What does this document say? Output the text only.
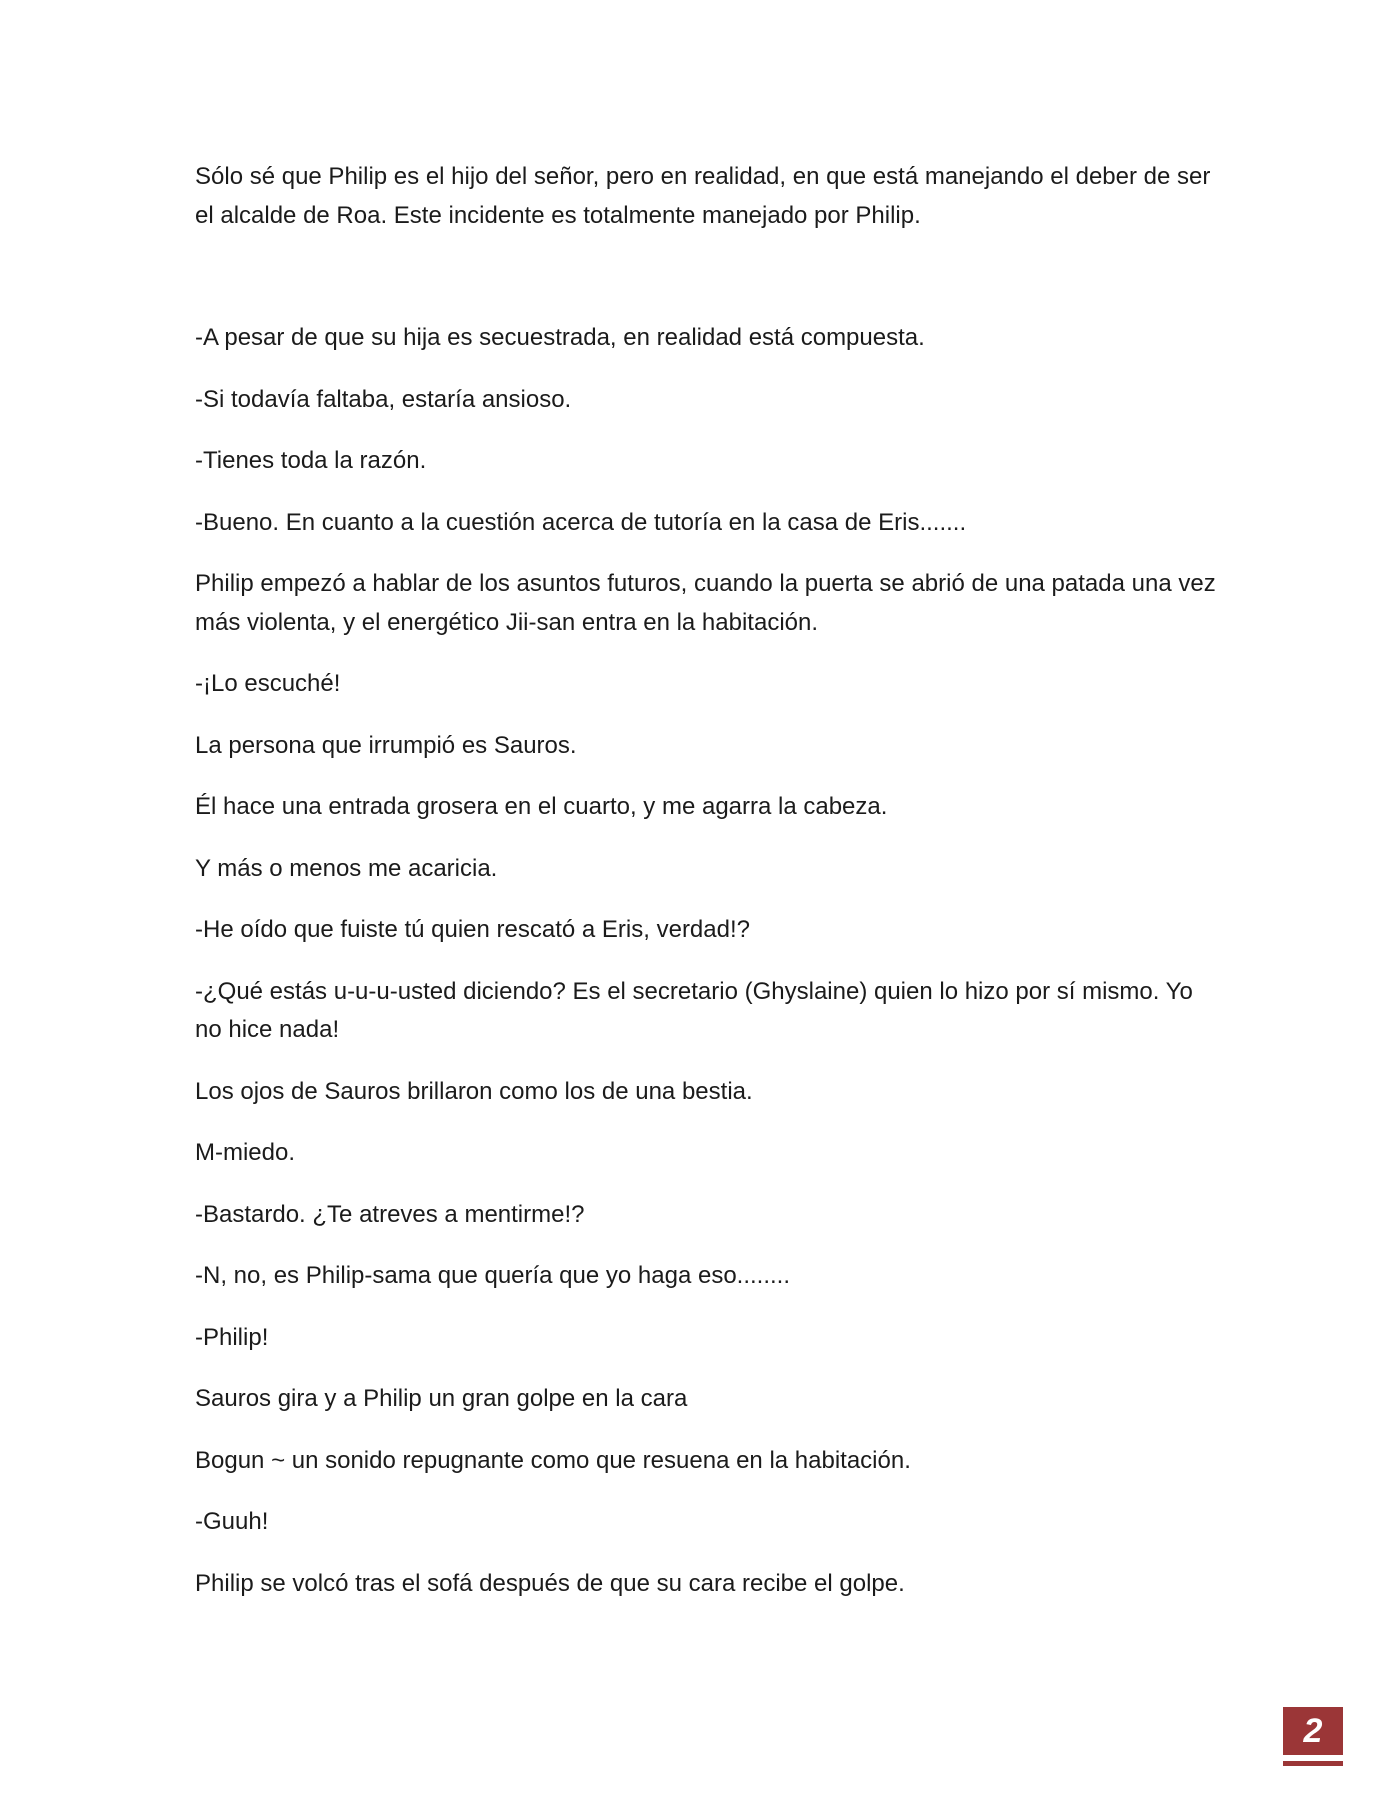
Sólo sé que Philip es el hijo del señor, pero en realidad, en que está manejando el deber de ser el alcalde de Roa. Este incidente es totalmente manejado por Philip.

-A pesar de que su hija es secuestrada, en realidad está compuesta.

-Si todavía faltaba, estaría ansioso.

-Tienes toda la razón.

-Bueno. En cuanto a la cuestión acerca de tutoría en la casa de Eris.......

Philip empezó a hablar de los asuntos futuros, cuando la puerta se abrió de una patada una vez más violenta, y el energético Jii-san entra en la habitación.

-¡Lo escuché!

La persona que irrumpió es Sauros.

Él hace una entrada grosera en el cuarto, y me agarra la cabeza.

Y más o menos me acaricia.

-He oído que fuiste tú quien rescató a Eris, verdad!?

-¿Qué estás u-u-u-usted diciendo? Es el secretario (Ghyslaine) quien lo hizo por sí mismo. Yo no hice nada!

Los ojos de Sauros brillaron como los de una bestia.

M-miedo.

-Bastardo. ¿Te atreves a mentirme!?

-N, no, es Philip-sama que quería que yo haga eso........

-Philip!

Sauros gira y a Philip un gran golpe en la cara

Bogun ~ un sonido repugnante como que resuena en la habitación.

-Guuh!

Philip se volcó tras el sofá después de que su cara recibe el golpe.

2
